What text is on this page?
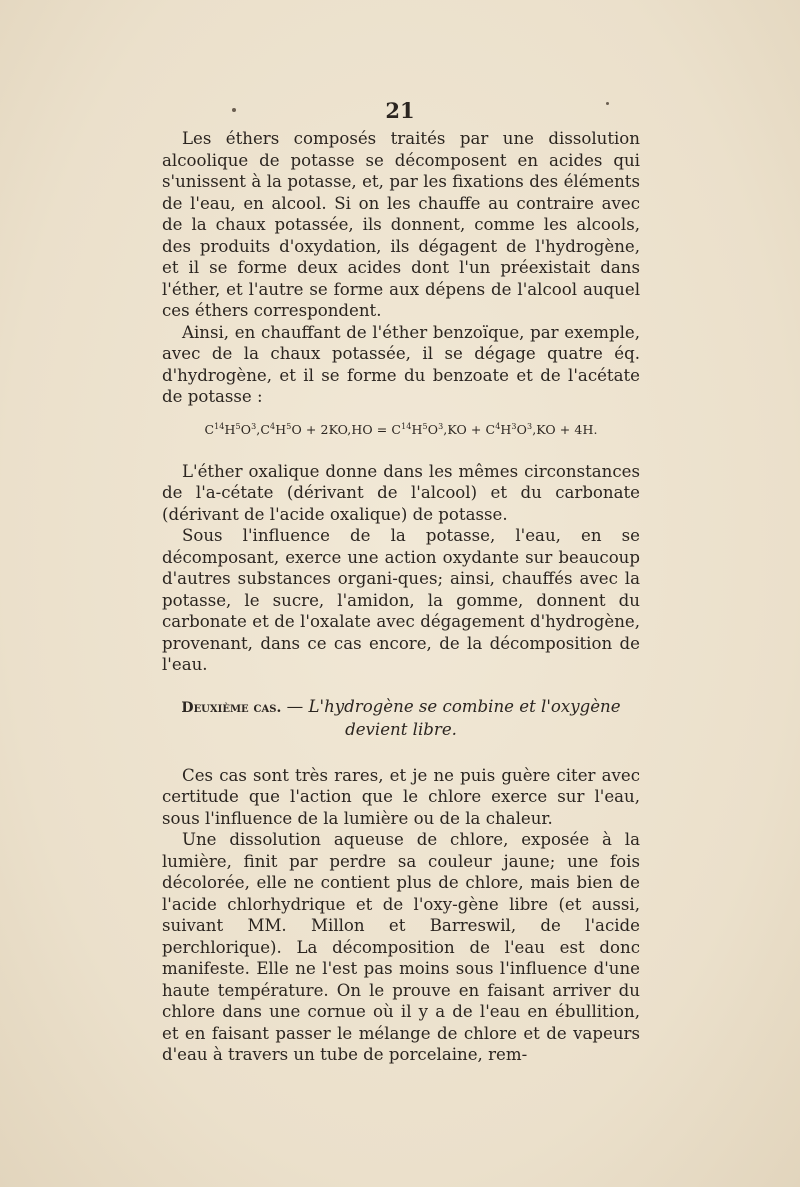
21

Les éthers composés traités par une dissolution alcoolique de potasse se décomposent en acides qui s'unissent à la potasse, et, par les fixations des éléments de l'eau, en alcool. Si on les chauffe au contraire avec de la chaux potassée, ils donnent, comme les alcools, des produits d'oxydation, ils dégagent de l'hydrogène, et il se forme deux acides dont l'un préexistait dans l'éther, et l'autre se forme aux dépens de l'alcool auquel ces éthers correspondent.

Ainsi, en chauffant de l'éther benzoïque, par exemple, avec de la chaux potassée, il se dégage quatre éq. d'hydrogène, et il se forme du benzoate et de l'acétate de potasse :

$C^{14}H^5O^3,C^4H^5O + 2KO,HO = C^{14}H^5O^3,KO + C^4H^3O^3,KO + 4H$.

L'éther oxalique donne dans les mêmes circonstances de l'a-cétate (dérivant de l'alcool) et du carbonate (dérivant de l'acide oxalique) de potasse.

Sous l'influence de la potasse, l'eau, en se décomposant, exerce une action oxydante sur beaucoup d'autres substances organi-ques; ainsi, chauffés avec la potasse, le sucre, l'amidon, la gomme, donnent du carbonate et de l'oxalate avec dégagement d'hydrogène, provenant, dans ce cas encore, de la décomposition de l'eau.

Deuxième cas. — L'hydrogène se combine et l'oxygène devient libre.

Ces cas sont très rares, et je ne puis guère citer avec certitude que l'action que le chlore exerce sur l'eau, sous l'influence de la lumière ou de la chaleur.

Une dissolution aqueuse de chlore, exposée à la lumière, finit par perdre sa couleur jaune; une fois décolorée, elle ne contient plus de chlore, mais bien de l'acide chlorhydrique et de l'oxy-gène libre (et aussi, suivant MM. Millon et Barreswil, de l'acide perchlorique). La décomposition de l'eau est donc manifeste. Elle ne l'est pas moins sous l'influence d'une haute température. On le prouve en faisant arriver du chlore dans une cornue où il y a de l'eau en ébullition, et en faisant passer le mélange de chlore et de vapeurs d'eau à travers un tube de porcelaine, rem-
